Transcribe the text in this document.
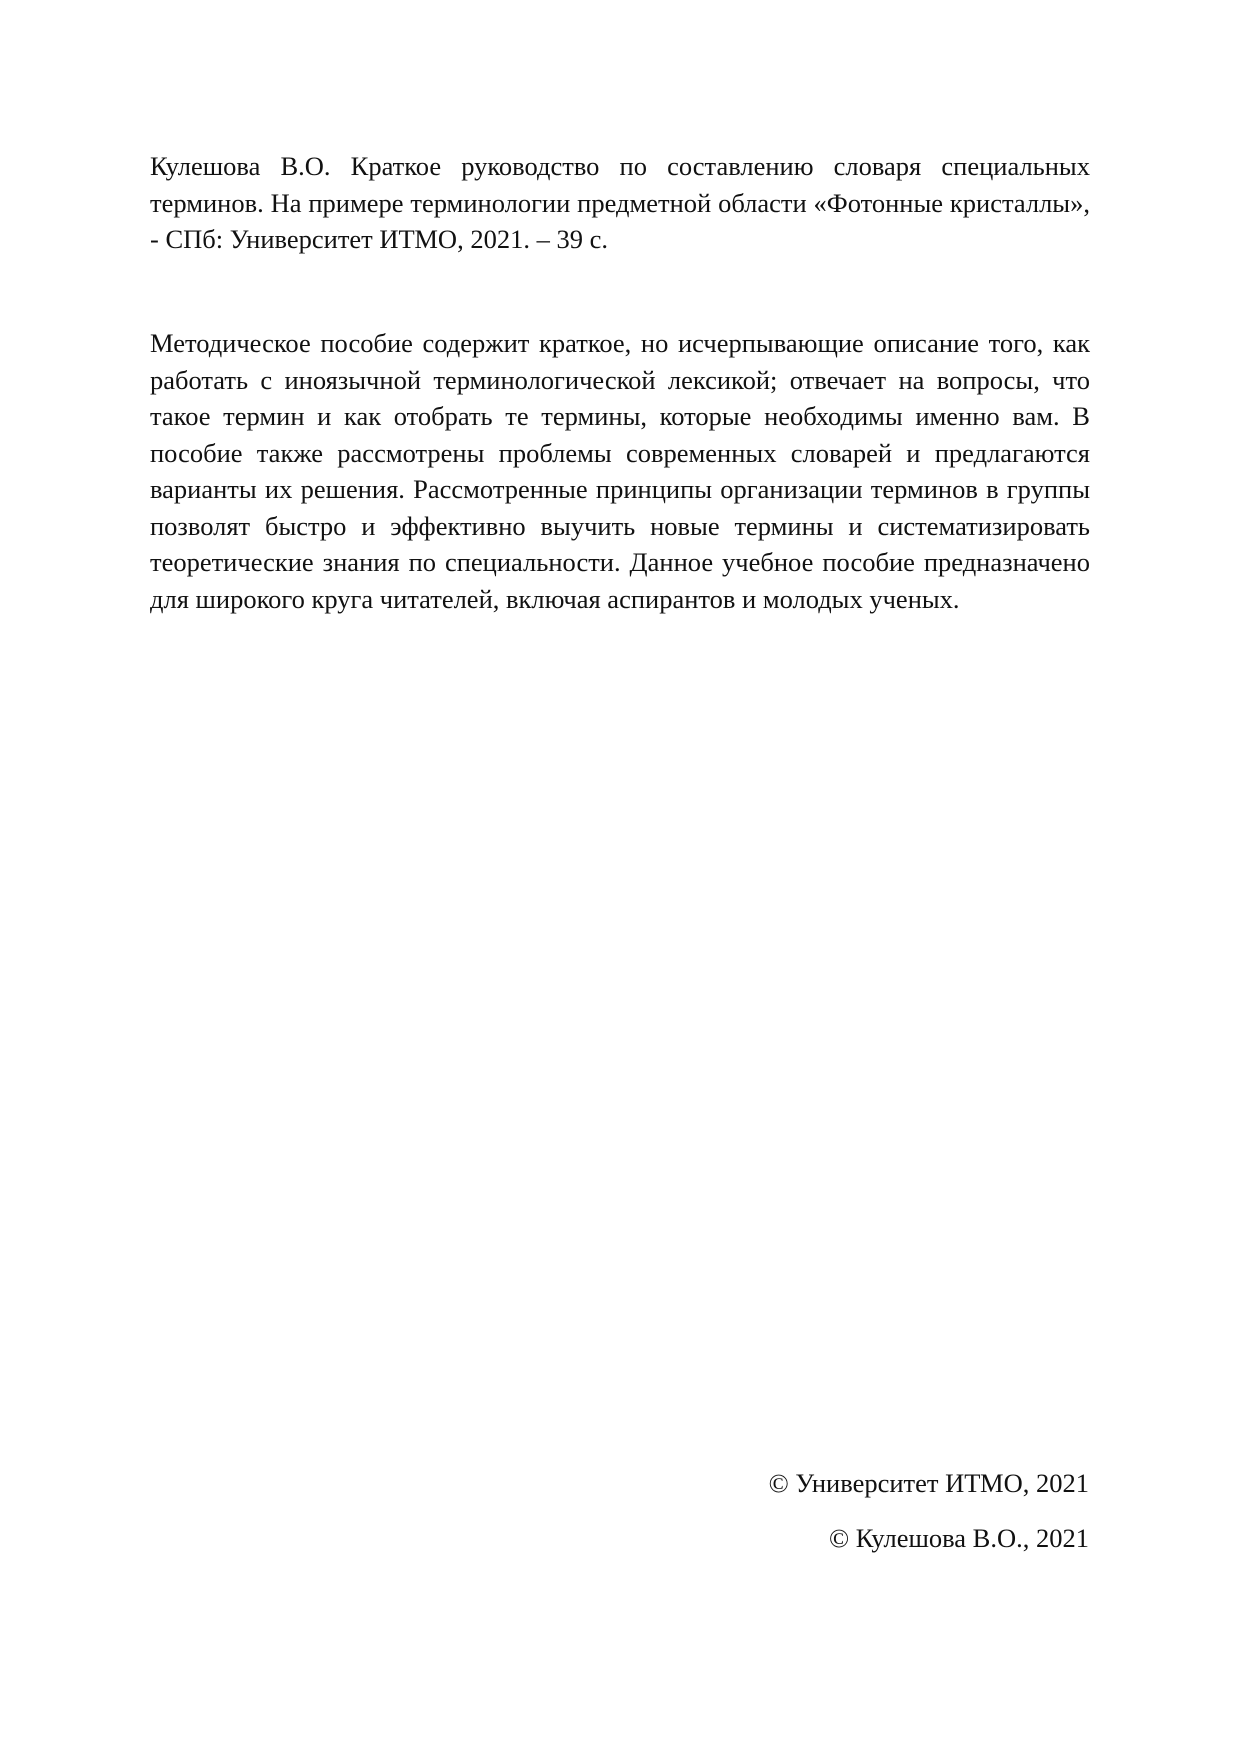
Кулешова В.О. Краткое руководство по составлению словаря специальных терминов. На примере терминологии предметной области «Фотонные кристаллы», - СПб: Университет ИТМО, 2021. – 39 с.

Методическое пособие содержит краткое, но исчерпывающие описание того, как работать с иноязычной терминологической лексикой; отвечает на вопросы, что такое термин и как отобрать те термины, которые необходимы именно вам. В пособие также рассмотрены проблемы современных словарей и предлагаются варианты их решения. Рассмотренные принципы организации терминов в группы позволят быстро и эффективно выучить новые термины и систематизировать теоретические знания по специальности. Данное учебное пособие предназначено для широкого круга читателей, включая аспирантов и молодых ученых.

© Университет ИТМО, 2021
© Кулешова В.О., 2021
